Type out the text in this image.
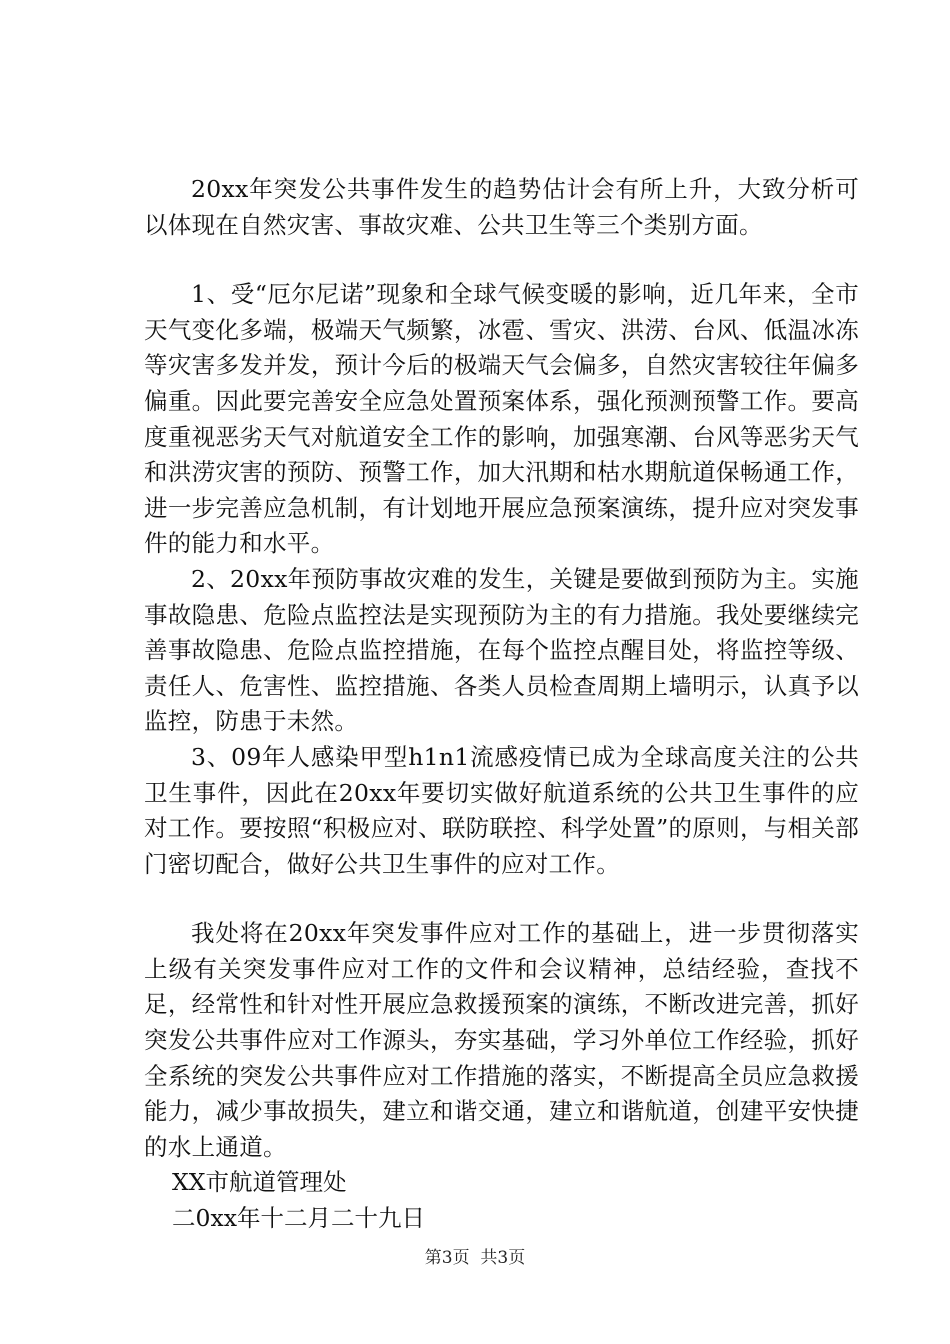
20xx年突发公共事件发生的趋势估计会有所上升，大致分析可以体现在自然灾害、事故灾难、公共卫生等三个类别方面。

1、受“厄尔尼诺”现象和全球气候变暖的影响，近几年来，全市天气变化多端，极端天气频繁，冰雹、雪灾、洪涝、台风、低温冰冻等灾害多发并发，预计今后的极端天气会偏多，自然灾害较往年偏多偏重。因此要完善安全应急处置预案体系，强化预测预警工作。要高度重视恶劣天气对航道安全工作的影响，加强寒潮、台风等恶劣天气和洪涝灾害的预防、预警工作，加大汛期和枯水期航道保畅通工作，进一步完善应急机制，有计划地开展应急预案演练，提升应对突发事件的能力和水平。

2、20xx年预防事故灾难的发生，关键是要做到预防为主。实施事故隐患、危险点监控法是实现预防为主的有力措施。我处要继续完善事故隐患、危险点监控措施，在每个监控点醒目处，将监控等级、责任人、危害性、监控措施、各类人员检查周期上墙明示，认真予以监控，防患于未然。

3、09年人感染甲型h1n1流感疫情已成为全球高度关注的公共卫生事件，因此在20xx年要切实做好航道系统的公共卫生事件的应对工作。要按照“积极应对、联防联控、科学处置”的原则，与相关部门密切配合，做好公共卫生事件的应对工作。

我处将在20xx年突发事件应对工作的基础上，进一步贯彻落实上级有关突发事件应对工作的文件和会议精神，总结经验，查找不足，经常性和针对性开展应急救援预案的演练，不断改进完善，抓好突发公共事件应对工作源头，夯实基础，学习外单位工作经验，抓好全系统的突发公共事件应对工作措施的落实，不断提高全员应急救援能力，减少事故损失，建立和谐交通，建立和谐航道，创建平安快捷的水上通道。

XX市航道管理处

二0xx年十二月二十九日

第3页  共3页
